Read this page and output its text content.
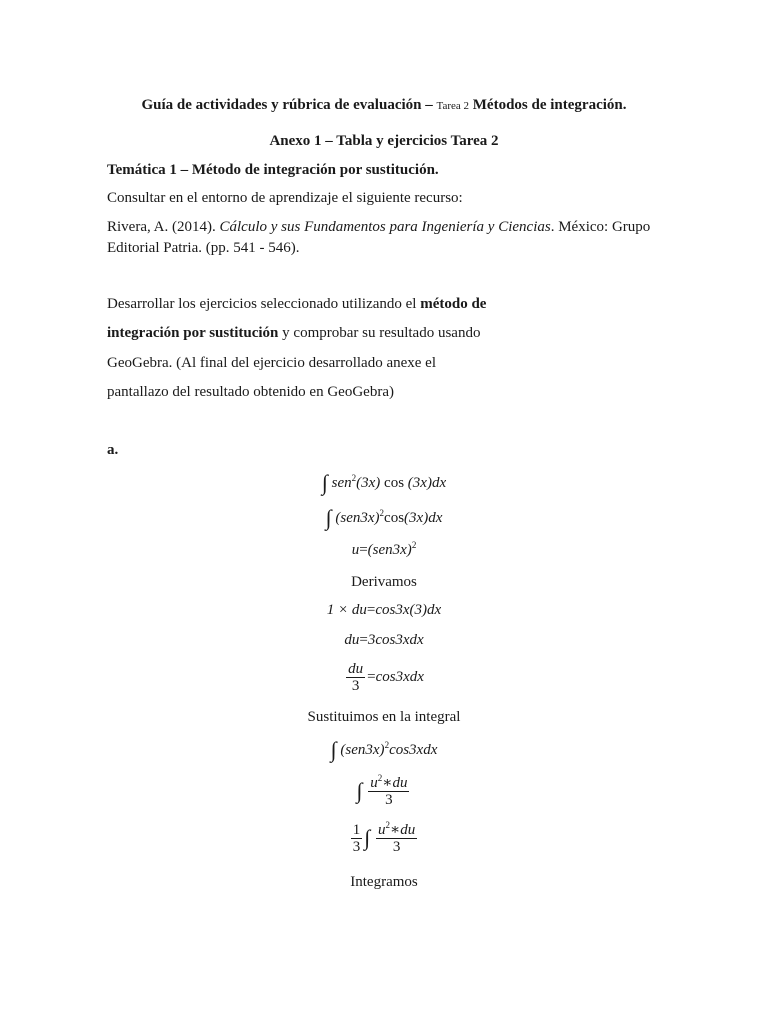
Guía de actividades y rúbrica de evaluación – Tarea 2 Métodos de integración.
Anexo 1 – Tabla y ejercicios Tarea 2
Temática 1 – Método de integración por sustitución.
Consultar en el entorno de aprendizaje el siguiente recurso:
Rivera, A. (2014). Cálculo y sus Fundamentos para Ingeniería y Ciencias. México: Grupo
Editorial Patria. (pp. 541 - 546).
Desarrollar los ejercicios seleccionado utilizando el método de
integración por sustitución y comprobar su resultado usando
GeoGebra. (Al final del ejercicio desarrollado anexe el
pantallazo del resultado obtenido en GeoGebra)
a.
∫ sen$^2$(3x) cos (3x)dx
∫ $(sen3x)^2\cos(3x)dx$
$u=(sen3x)^2$
Derivamos
1 × du=cos3x(3)dx
du=3cos3xdx
$\frac{du}{3} =\cos 3xdx$
Sustituimos en la integral
∫ $(sen3x)^2\cos 3xdx$
∫ $\frac{u^2∗du}{3}$
$\frac{1}{3}$ ∫ $\frac{u^2∗du}{3}$
Integramos
